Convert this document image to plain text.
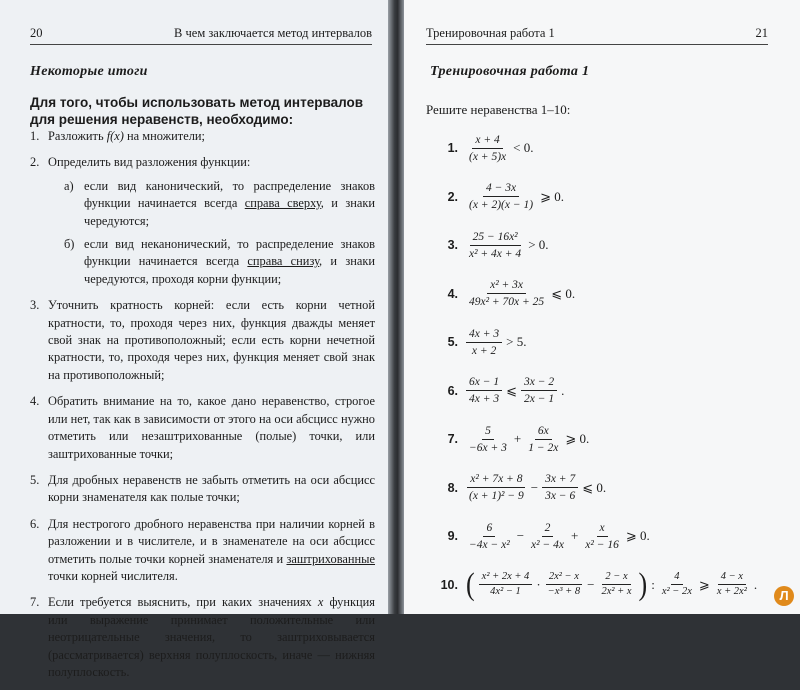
20	В чем заключается метод интервалов
Некоторые итоги
Для того, чтобы использовать метод интервалов для решения неравенств, необходимо:
1. Разложить f(x) на множители;
2. Определить вид разложения функции:
а) если вид канонический, то распределение знаков функции начинается всегда справа сверху, и знаки чередуются;
б) если вид неканонический, то распределение знаков функции начинается всегда справа снизу, и знаки чередуются, проходя корни функции;
3. Уточнить кратность корней: если есть корни четной кратности, то, проходя через них, функция дважды меняет свой знак на противоположный; если есть корни нечетной кратности, то, проходя через них, функция меняет свой знак на противоположный;
4. Обратить внимание на то, какое дано неравенство, строгое или нет, так как в зависимости от этого на оси абсцисс нужно отметить или незаштрихованные (полые) точки, или заштрихованные точки;
5. Для дробных неравенств не забыть отметить на оси абсцисс корни знаменателя как полые точки;
6. Для нестрогого дробного неравенства при наличии корней в разложении и в числителе, и в знаменателе на оси абсцисс отметить полые точки корней знаменателя и заштрихованные точки корней числителя.
7. Если требуется выяснить, при каких значениях x функция или выражение принимает положительные или неотрицательные значения, то заштриховывается (рассматривается) верхняя полуплоскость, иначе — нижняя полуплоскость.
Тренировочная работа 1	21
Тренировочная работа 1
Решите неравенства 1–10:
1. $\frac{x + 4}{(x + 5)x} < 0$.
2. $\frac{4 - 3x}{(x + 2)(x - 1)}$ ⩾ 0.
3. $\frac{\text{25 − 16x²}}{\text{x² + 4x + 4}} > 0$.
4. $\frac{\text{x² + 3x}}{\text{49x² + 70x + 25}}$ ⩽ 0.
5. $\frac{4x + 3}{x + 2} > 5$.
6. $\frac{6x - 1}{4x + 3}$ ⩽ $\frac{3x - 2}{2x - 1}$ .
7. $\frac{5}{-6x + 3} + \frac{6x}{1 - 2x}$ ⩾ 0.
8. $\frac{\text{x² + 7x + 8}}{\text{(x + 1)² − 9}} - \frac{3x + 7}{3x - 6}$ ⩽ 0.
9. $\frac{6}{\text{−4x − x²}} - \frac{2}{\text{x² − 4x}} + \frac{x}{\text{x² − 16}}$ ⩾ 0.
10. ( $\frac{\text{x² + 2x + 4}}{\text{4x² − 1}} \cdot \frac{\text{2x² − x}}{\text{−x³ + 8}} - \frac{2 - x}{\text{2x² + x}}$ ) : $\frac{4}{\text{x² − 2x}}$ ⩾ $\frac{4 - x}{\text{x + 2x²}}$ .
Л
